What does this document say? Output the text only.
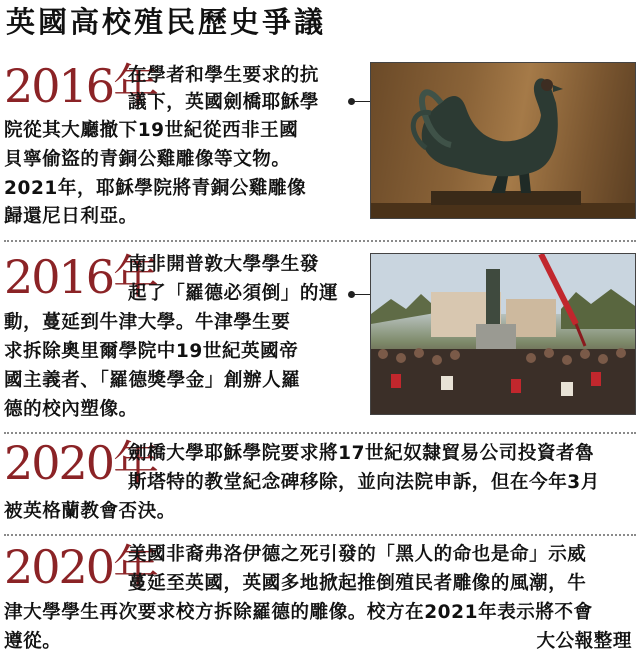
英國高校殖民歷史爭議
2016年
在學者和學生要求的抗
議下，英國劍橋耶穌學
院從其大廳撤下19世紀從西非王國
貝寧偷盜的青銅公雞雕像等文物。
2021年，耶穌學院將青銅公雞雕像
歸還尼日利亞。
2016年
南非開普敦大學學生發
起了「羅德必須倒」的運
動，蔓延到牛津大學。牛津學生要
求拆除奧里爾學院中19世紀英國帝
國主義者、「羅德獎學金」創辦人羅
德的校內塑像。
2020年
劍橋大學耶穌學院要求將17世紀奴隸貿易公司投資者魯
斯塔特的教堂紀念碑移除，並向法院申訴，但在今年3月
被英格蘭教會否決。
2020年
美國非裔弗洛伊德之死引發的「黑人的命也是命」示威
蔓延至英國，英國多地掀起推倒殖民者雕像的風潮，牛
津大學學生再次要求校方拆除羅德的雕像。校方在2021年表示將不會
遵從。	大公報整理
